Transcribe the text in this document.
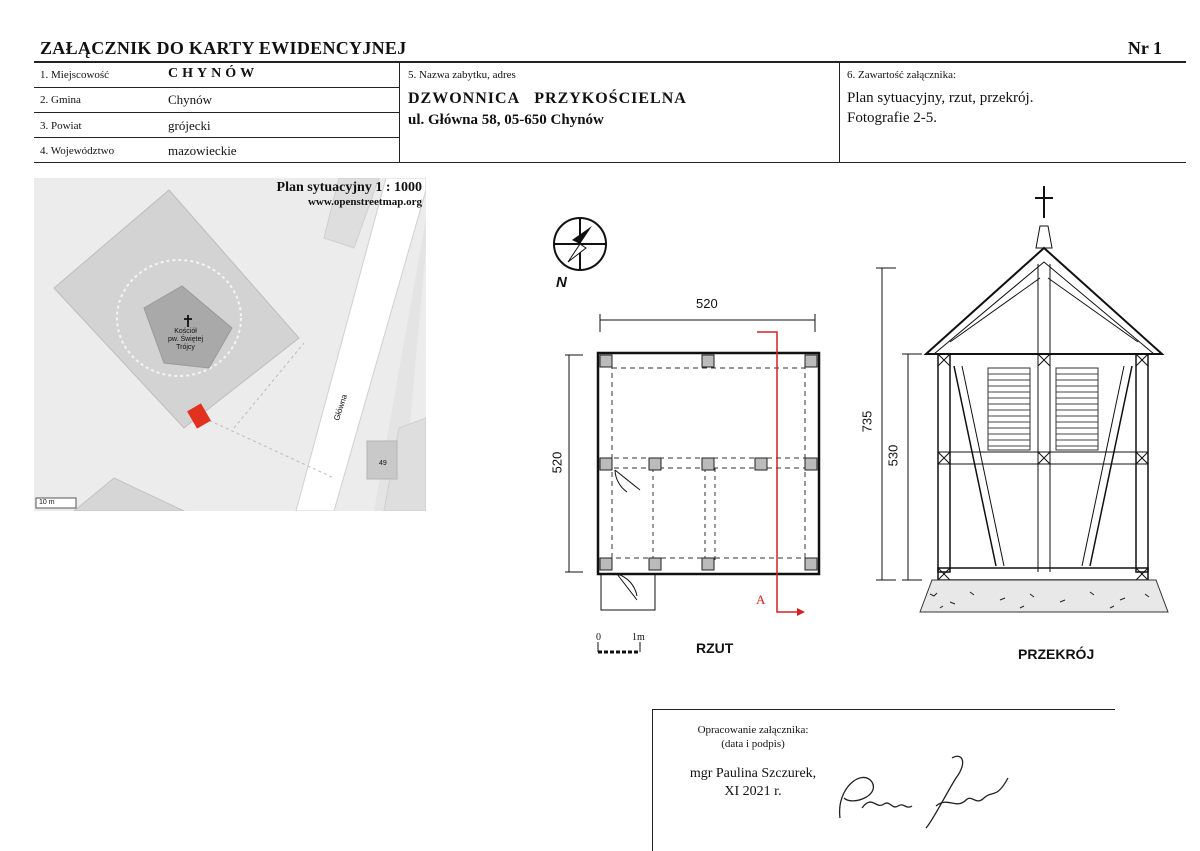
ZAŁĄCZNIK DO KARTY EWIDENCYJNEJ	Nr 1
1. Miejscowość	CHYNÓW
2. Gmina	Chynów
3. Powiat	grójecki
4. Województwo	mazowieckie
5. Nazwa zabytku, adres
DZWONNICA   PRZYKOŚCIELNA
ul. Główna 58, 05-650 Chynów
6. Zawartość załącznika:
Plan sytuacyjny, rzut, przekrój.
Fotografie 2-5.
Plan sytuacyjny 1 : 1000
www.openstreetmap.org
Kościół
pw. Świętej
Trójcy
Główna
49
10 m
N
520
520
A
0	1m
RZUT
735
530
PRZEKRÓJ
Opracowanie załącznika:
(data i podpis)
mgr Paulina Szczurek,
XI 2021 r.
